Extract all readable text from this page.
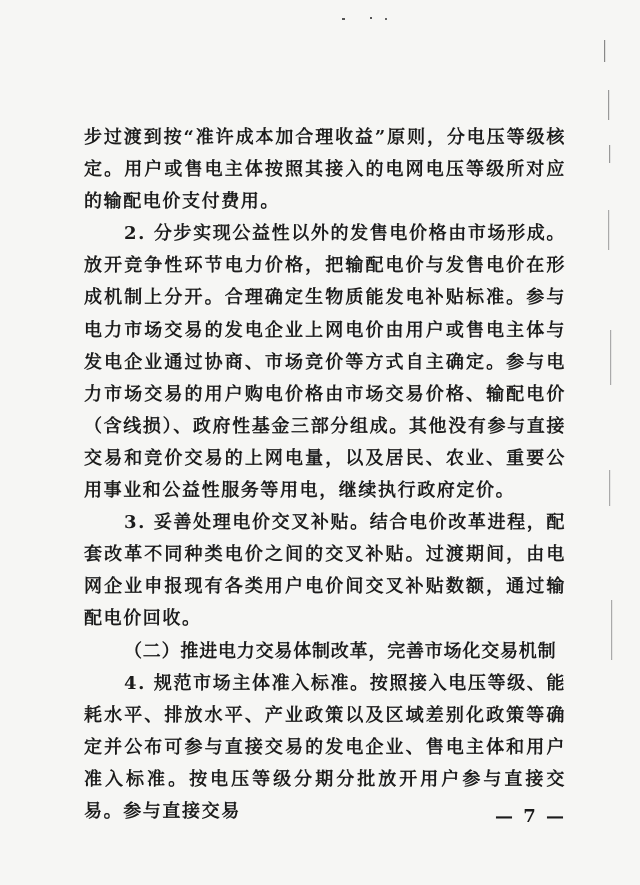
步过渡到按“准许成本加合理收益”原则，分电压等级核定。用户或售电主体按照其接入的电网电压等级所对应的输配电价支付费用。

2. 分步实现公益性以外的发售电价格由市场形成。放开竞争性环节电力价格，把输配电价与发售电价在形成机制上分开。合理确定生物质能发电补贴标准。参与电力市场交易的发电企业上网电价由用户或售电主体与发电企业通过协商、市场竞价等方式自主确定。参与电力市场交易的用户购电价格由市场交易价格、输配电价（含线损）、政府性基金三部分组成。其他没有参与直接交易和竞价交易的上网电量，以及居民、农业、重要公用事业和公益性服务等用电，继续执行政府定价。

3. 妥善处理电价交叉补贴。结合电价改革进程，配套改革不同种类电价之间的交叉补贴。过渡期间，由电网企业申报现有各类用户电价间交叉补贴数额，通过输配电价回收。

（二）推进电力交易体制改革，完善市场化交易机制

4. 规范市场主体准入标准。按照接入电压等级、能耗水平、排放水平、产业政策以及区域差别化政策等确定并公布可参与直接交易的发电企业、售电主体和用户准入标准。按电压等级分期分批放开用户参与直接交易。参与直接交易	— 7 —
